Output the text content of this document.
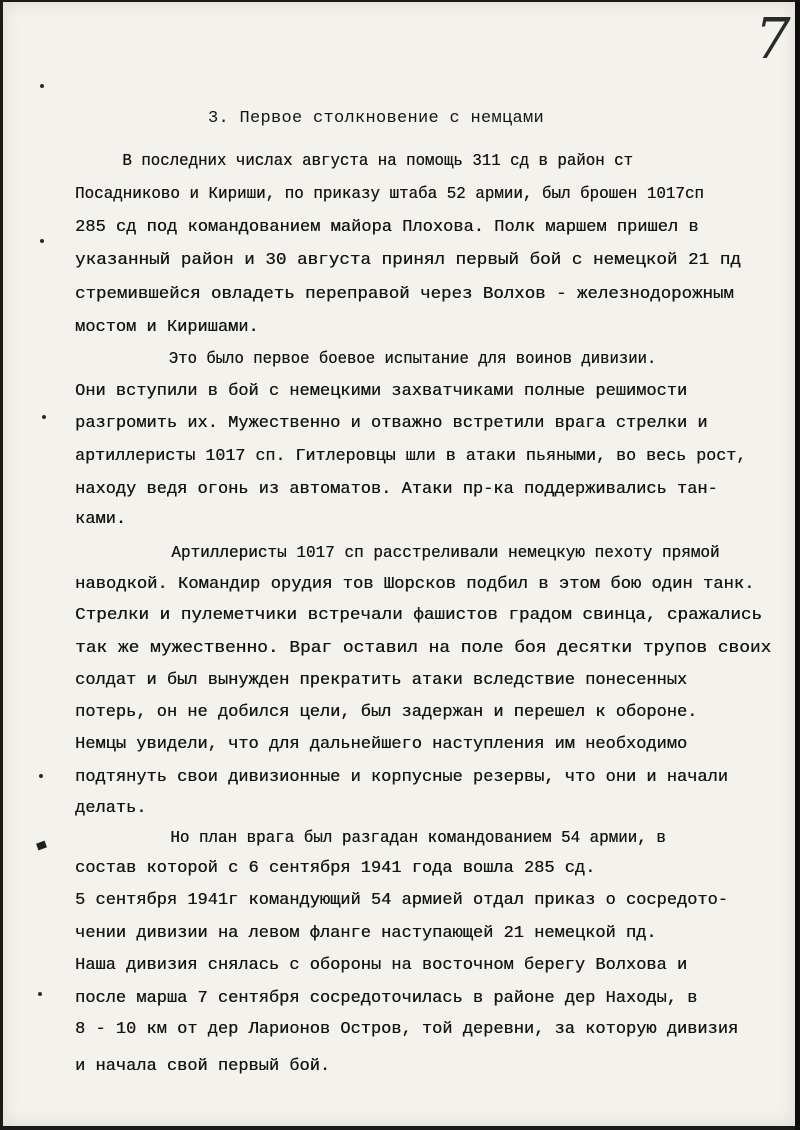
7
3. Первое столкновение с немцами
В последних числах августа на помощь 311 сд в район ст
Посадниково и Кириши, по приказу штаба 52 армии, был брошен 1017сп
285 сд под командованием майора Плохова. Полк маршем пришел в
указанный район и 30 августа принял первый бой с немецкой 21 пд
стремившейся овладеть переправой через Волхов - железнодорожным
мостом и Киришами.
Это было первое боевое испытание для воинов дивизии.
Они вступили в бой с немецкими захватчиками полные решимости
разгромить их. Мужественно и отважно встретили врага стрелки и
артиллеристы 1017 сп. Гитлеровцы шли в атаки пьяными, во весь рост,
находу ведя огонь из автоматов. Атаки пр-ка поддерживались тан-
ками.
Артиллеристы 1017 сп расстреливали немецкую пехоту прямой
наводкой. Командир орудия тов Шорсков подбил в этом бою один танк.
Стрелки и пулеметчики встречали фашистов градом свинца, сражались
так же мужественно. Враг оставил на поле боя десятки трупов своих
солдат и был вынужден прекратить атаки вследствие понесенных
потерь, он не добился цели, был задержан и перешел к обороне.
Немцы увидели, что для дальнейшего наступления им необходимо
подтянуть свои дивизионные и корпусные резервы, что они и начали
делать.
Но план врага был разгадан командованием 54 армии, в
состав которой с 6 сентября 1941 года вошла 285 сд.
5 сентября 1941г командующий 54 армией отдал приказ о сосредото-
чении дивизии на левом фланге наступающей 21 немецкой пд.
Наша дивизия снялась с обороны на восточном берегу Волхова и
после марша 7 сентября сосредоточилась в районе дер Находы, в
8 - 10 км от дер Ларионов Остров, той деревни, за которую дивизия
и начала свой первый бой.
